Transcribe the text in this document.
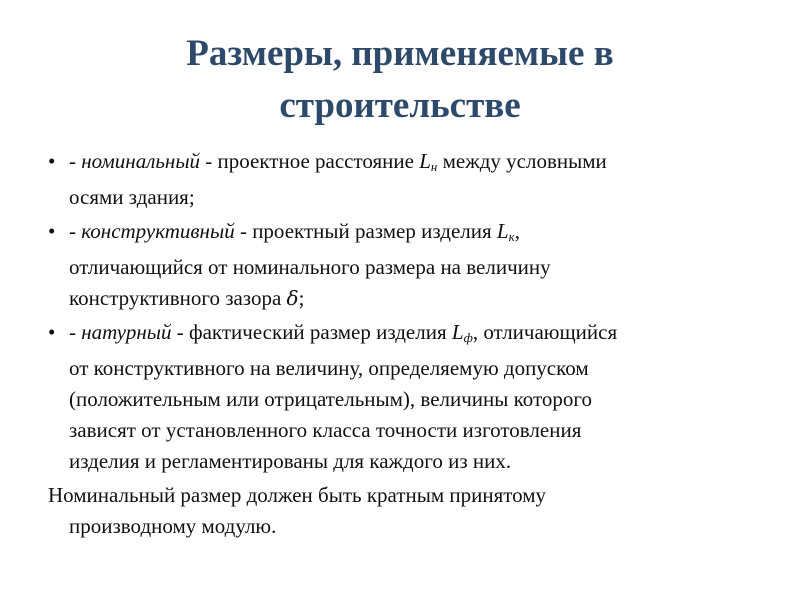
Размеры, применяемые в
строительстве
• - номинальный - проектное расстояние $L_н$ между условными
осями здания;
• - конструктивный - проектный размер изделия $L_к$,
отличающийся от номинального размера на величину
конструктивного зазора δ;
• - натурный - фактический размер изделия $L_ф$, отличающийся
от конструктивного на величину, определяемую допуском
(положительным или отрицательным), величины которого
зависят от установленного класса точности изготовления
изделия и регламентированы для каждого из них.
Номинальный размер должен быть кратным принятому
производному модулю.
